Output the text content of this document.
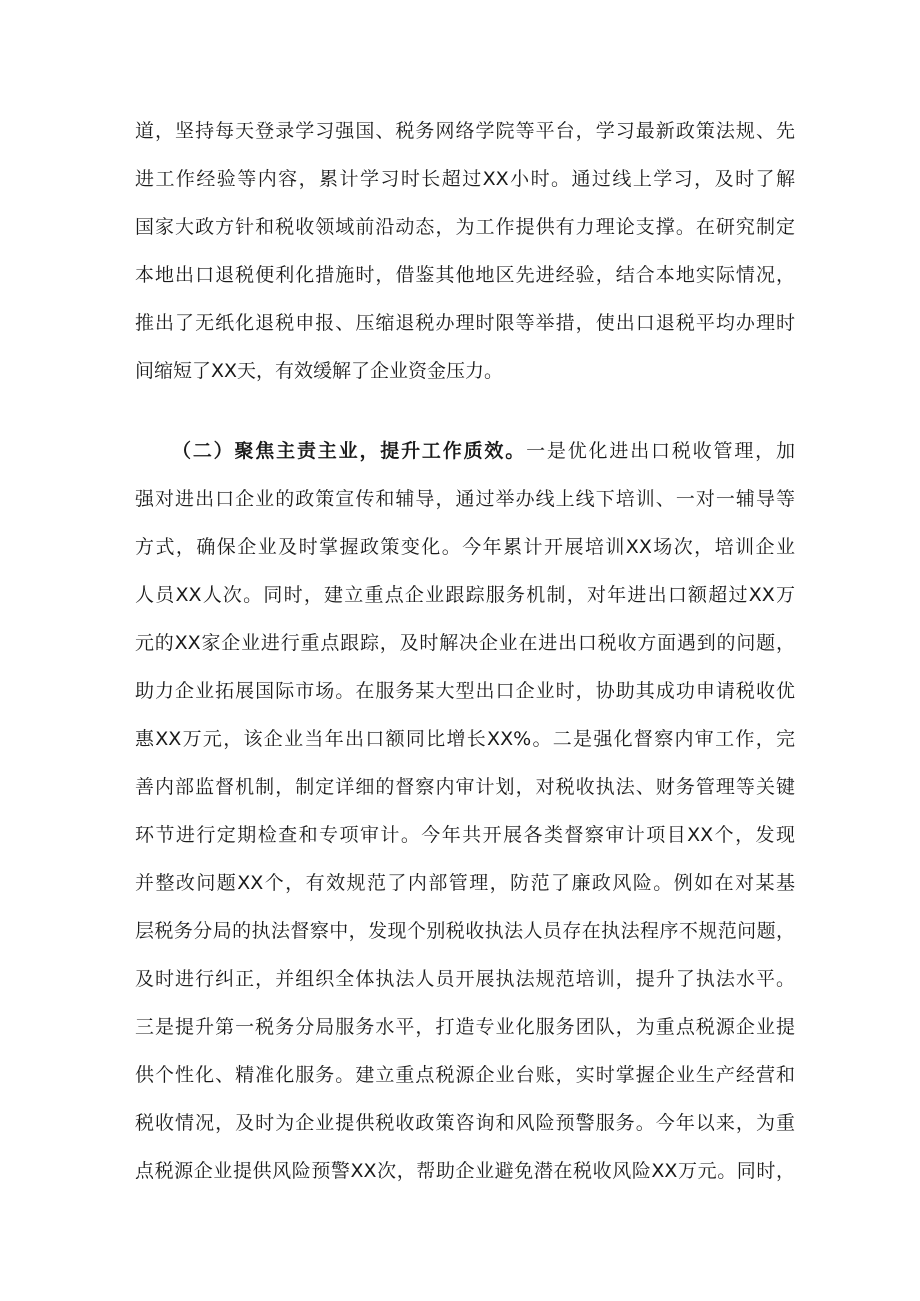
道，坚持每天登录学习强国、税务网络学院等平台，学习最新政策法规、先
进工作经验等内容，累计学习时长超过XX小时。通过线上学习，及时了解
国家大政方针和税收领域前沿动态，为工作提供有力理论支撑。在研究制定
本地出口退税便利化措施时，借鉴其他地区先进经验，结合本地实际情况，
推出了无纸化退税申报、压缩退税办理时限等举措，使出口退税平均办理时
间缩短了XX天，有效缓解了企业资金压力。
（二）聚焦主责主业，提升工作质效。一是优化进出口税收管理，加
强对进出口企业的政策宣传和辅导，通过举办线上线下培训、一对一辅导等
方式，确保企业及时掌握政策变化。今年累计开展培训XX场次，培训企业
人员XX人次。同时，建立重点企业跟踪服务机制，对年进出口额超过XX万
元的XX家企业进行重点跟踪，及时解决企业在进出口税收方面遇到的问题，
助力企业拓展国际市场。在服务某大型出口企业时，协助其成功申请税收优
惠XX万元，该企业当年出口额同比增长XX%。二是强化督察内审工作，完
善内部监督机制，制定详细的督察内审计划，对税收执法、财务管理等关键
环节进行定期检查和专项审计。今年共开展各类督察审计项目XX个，发现
并整改问题XX个，有效规范了内部管理，防范了廉政风险。例如在对某基
层税务分局的执法督察中，发现个别税收执法人员存在执法程序不规范问题，
及时进行纠正，并组织全体执法人员开展执法规范培训，提升了执法水平。
三是提升第一税务分局服务水平，打造专业化服务团队，为重点税源企业提
供个性化、精准化服务。建立重点税源企业台账，实时掌握企业生产经营和
税收情况，及时为企业提供税收政策咨询和风险预警服务。今年以来，为重
点税源企业提供风险预警XX次，帮助企业避免潜在税收风险XX万元。同时，
